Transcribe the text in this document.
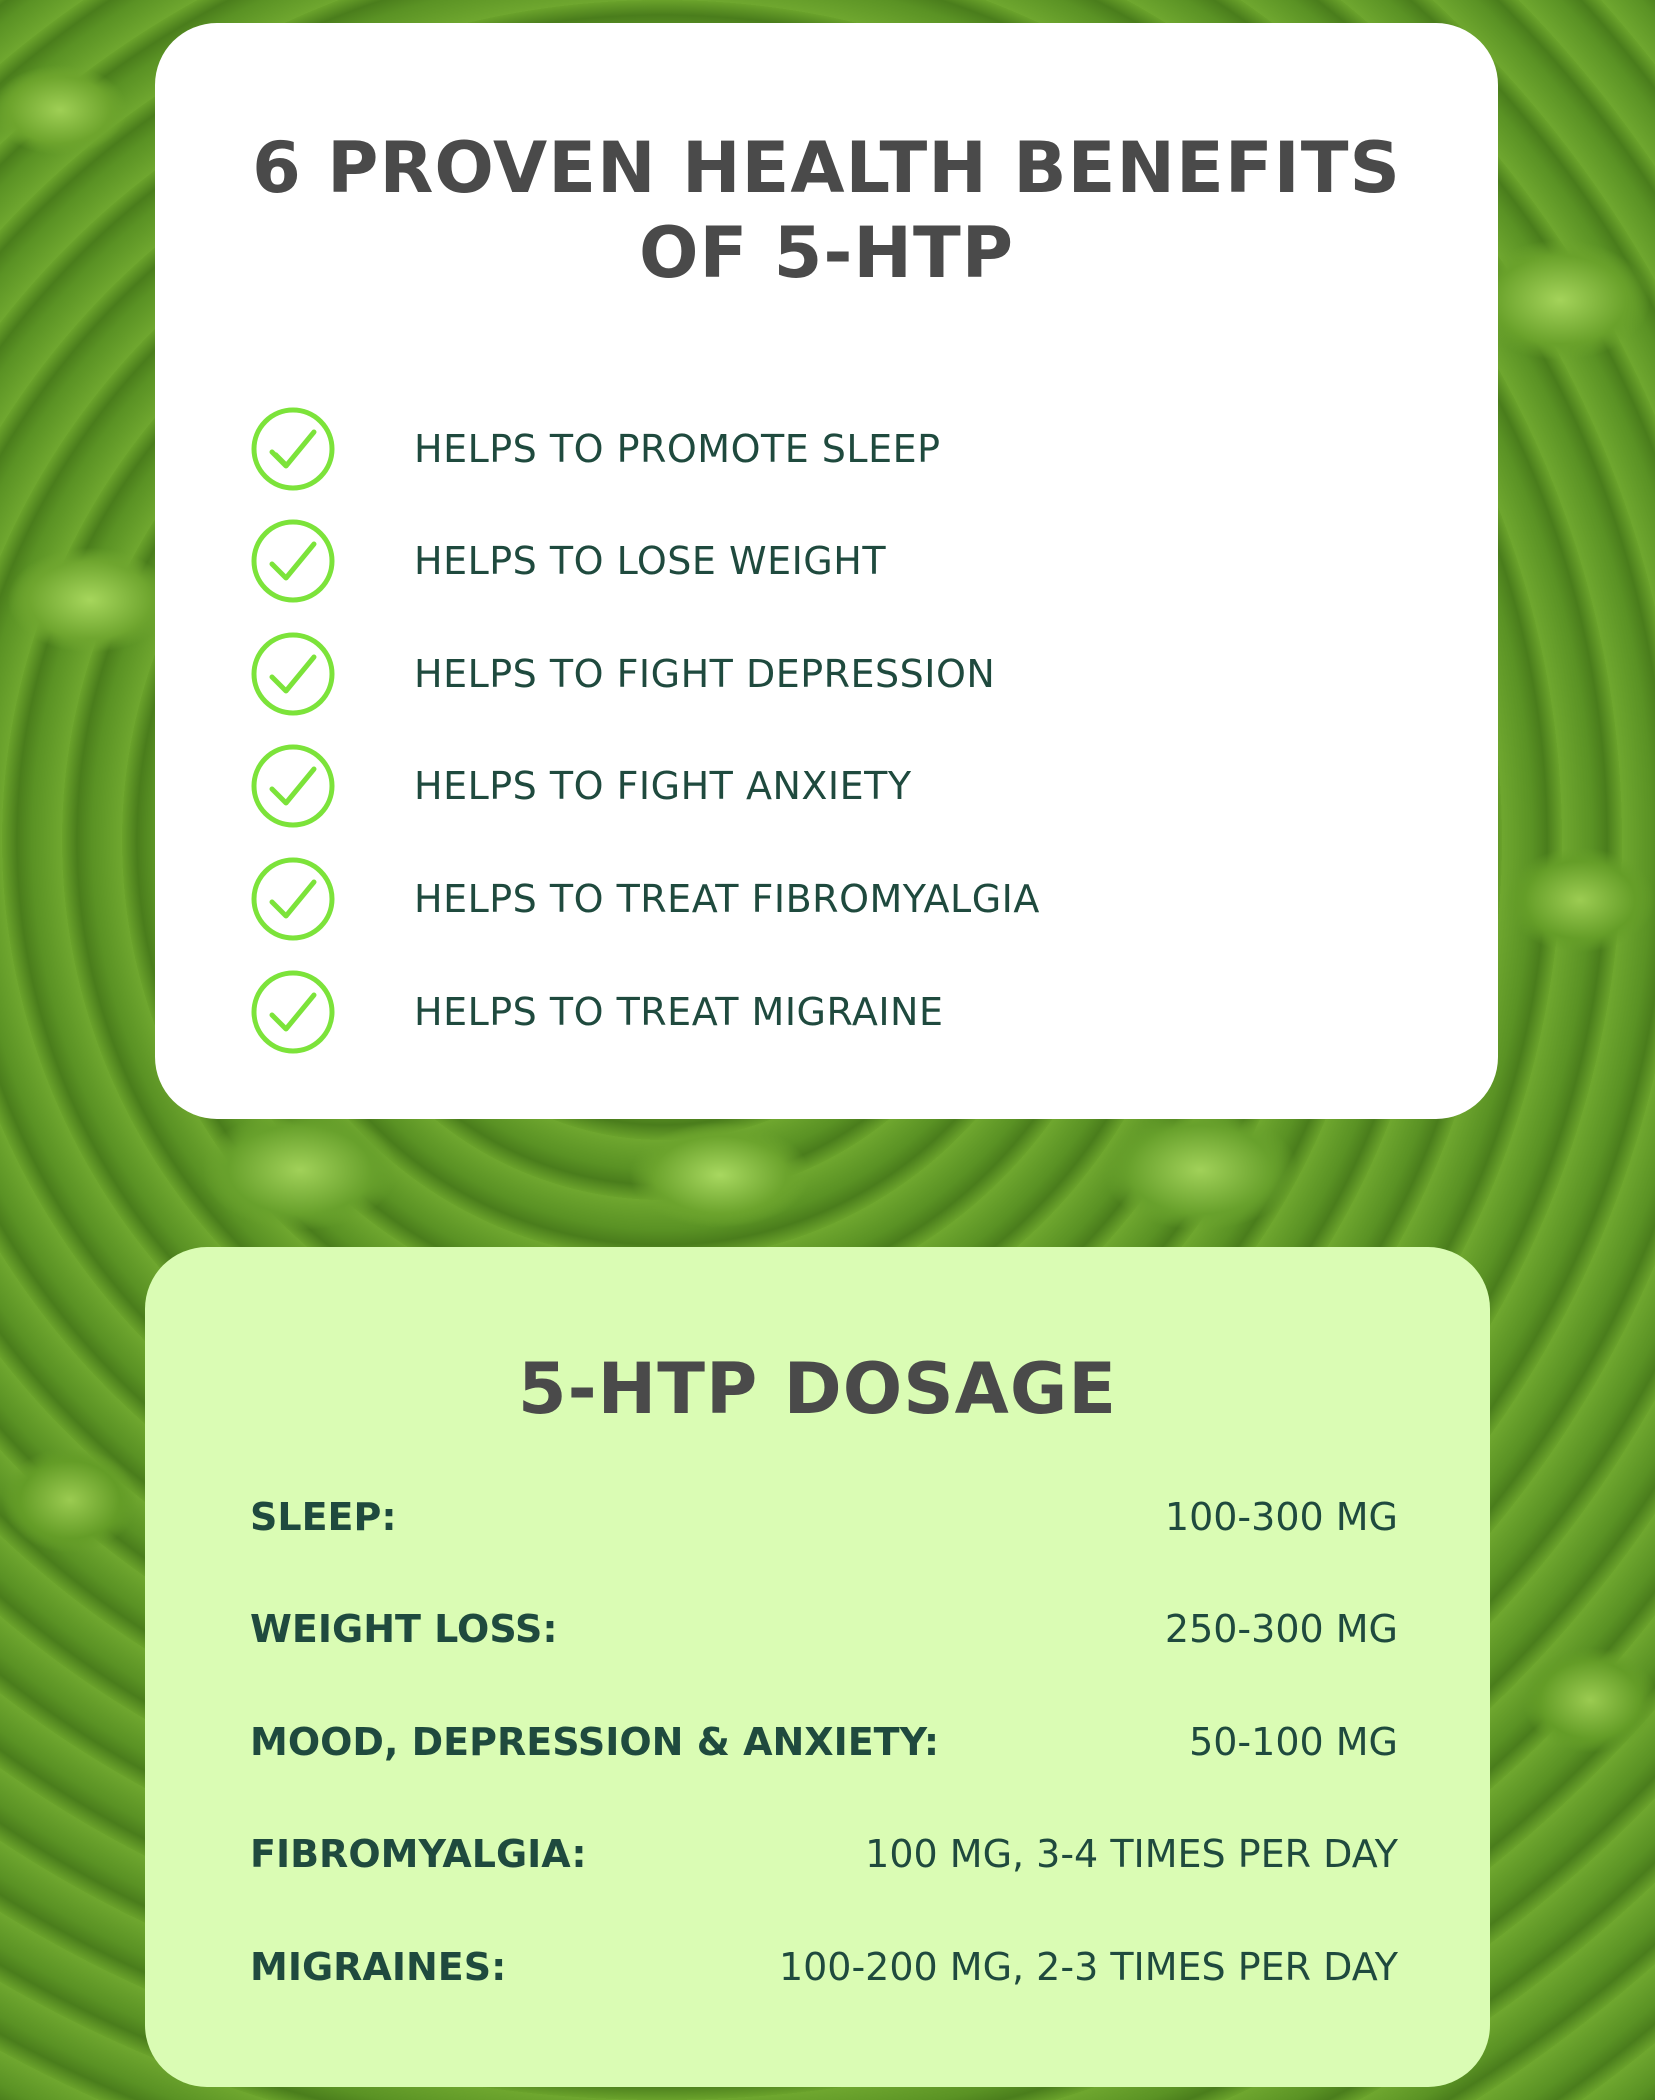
6 PROVEN HEALTH BENEFITS OF 5-HTP
HELPS TO PROMOTE SLEEP
HELPS TO LOSE WEIGHT
HELPS TO FIGHT DEPRESSION
HELPS TO FIGHT ANXIETY
HELPS TO TREAT FIBROMYALGIA
HELPS TO TREAT MIGRAINE
5-HTP DOSAGE
SLEEP:	100-300 MG
WEIGHT LOSS:	250-300 MG
MOOD, DEPRESSION & ANXIETY:	50-100 MG
FIBROMYALGIA:	100 MG, 3-4 TIMES PER DAY
MIGRAINES:	100-200 MG, 2-3 TIMES PER DAY
